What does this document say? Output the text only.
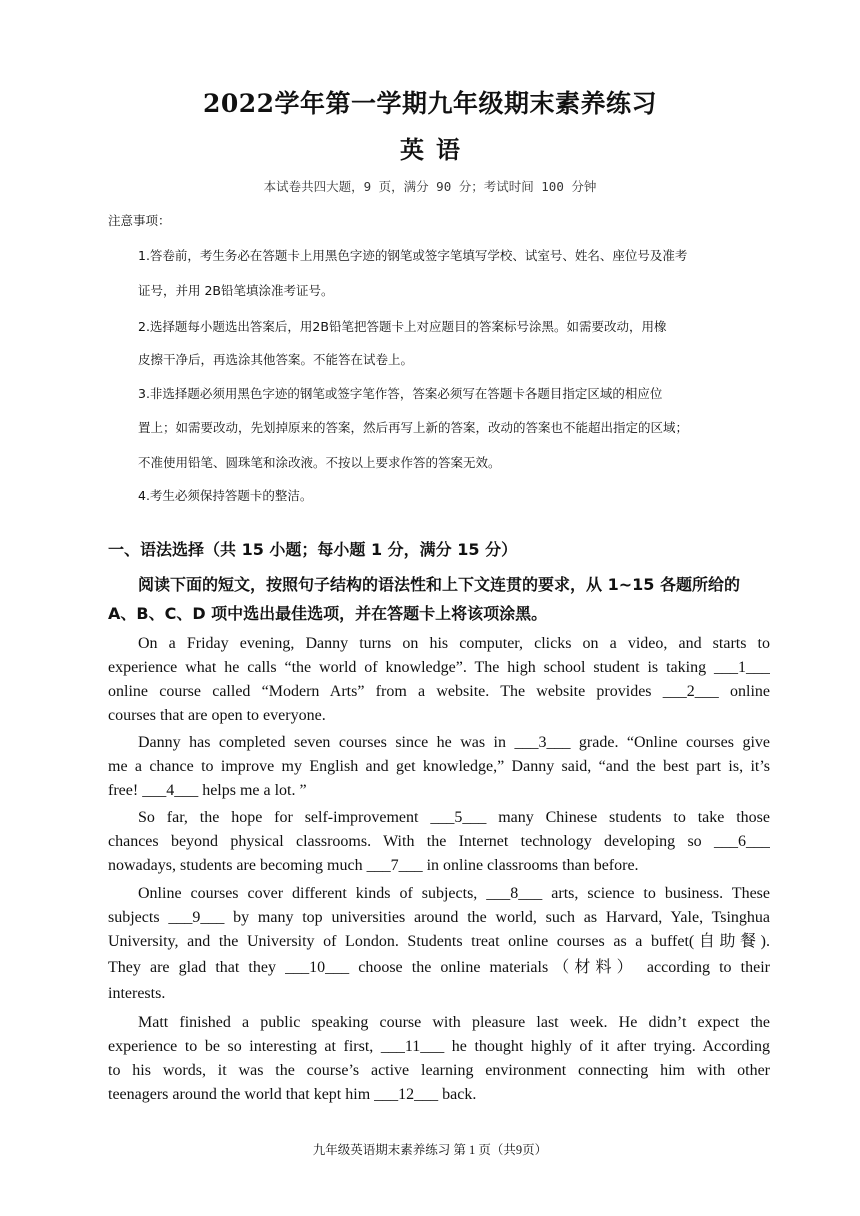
2022学年第一学期九年级期末素养练习
英语
本试卷共四大题，9 页，满分 90 分；考试时间 100 分钟
注意事项：
1.答卷前，考生务必在答题卡上用黑色字迹的钢笔或签字笔填写学校、试室号、姓名、座位号及准考
证号，并用 2B铅笔填涂准考证号。
2.选择题每小题选出答案后，用2B铅笔把答题卡上对应题目的答案标号涂黑。如需要改动，用橡
皮擦干净后，再选涂其他答案。不能答在试卷上。
3.非选择题必须用黑色字迹的钢笔或签字笔作答，答案必须写在答题卡各题目指定区域的相应位
置上；如需要改动，先划掉原来的答案，然后再写上新的答案，改动的答案也不能超出指定的区域；
不准使用铅笔、圆珠笔和涂改液。不按以上要求作答的答案无效。
4.考生必须保持答题卡的整洁。
一、语法选择（共 15 小题；每小题 1 分，满分 15 分）
阅读下面的短文，按照句子结构的语法性和上下文连贯的要求，从 1~15 各题所给的
A、B、C、D 项中选出最佳选项，并在答题卡上将该项涂黑。
On a Friday evening, Danny turns on his computer, clicks on a video, and starts to
experience what he calls “the world of knowledge”. The high school student is taking ___1___
online course called “Modern Arts” from a website. The website provides ___2___ online
courses that are open to everyone.
Danny has completed seven courses since he was in ___3___ grade. “Online courses give
me a chance to improve my English and get knowledge,” Danny said, “and the best part is, it’s
free! ___4___ helps me a lot. ”
So far, the hope for self-improvement ___5___ many Chinese students to take those
chances beyond physical classrooms. With the Internet technology developing so ___6___
nowadays, students are becoming much ___7___ in online classrooms than before.
Online courses cover different kinds of subjects, ___8___ arts, science to business. These
subjects ___9___ by many top universities around the world, such as Harvard, Yale, Tsinghua
University, and the University of London. Students treat online courses as a buffet(自助餐).
They are glad that they ___10___ choose the online materials（材料） according to their
interests.
Matt finished a public speaking course with pleasure last week. He didn’t expect the
experience to be so interesting at first, ___11___ he thought highly of it after trying. According
to his words, it was the course’s active learning environment connecting him with other
teenagers around the world that kept him ___12___ back.
九年级英语期末素养练习 第 1 页（共9页）
